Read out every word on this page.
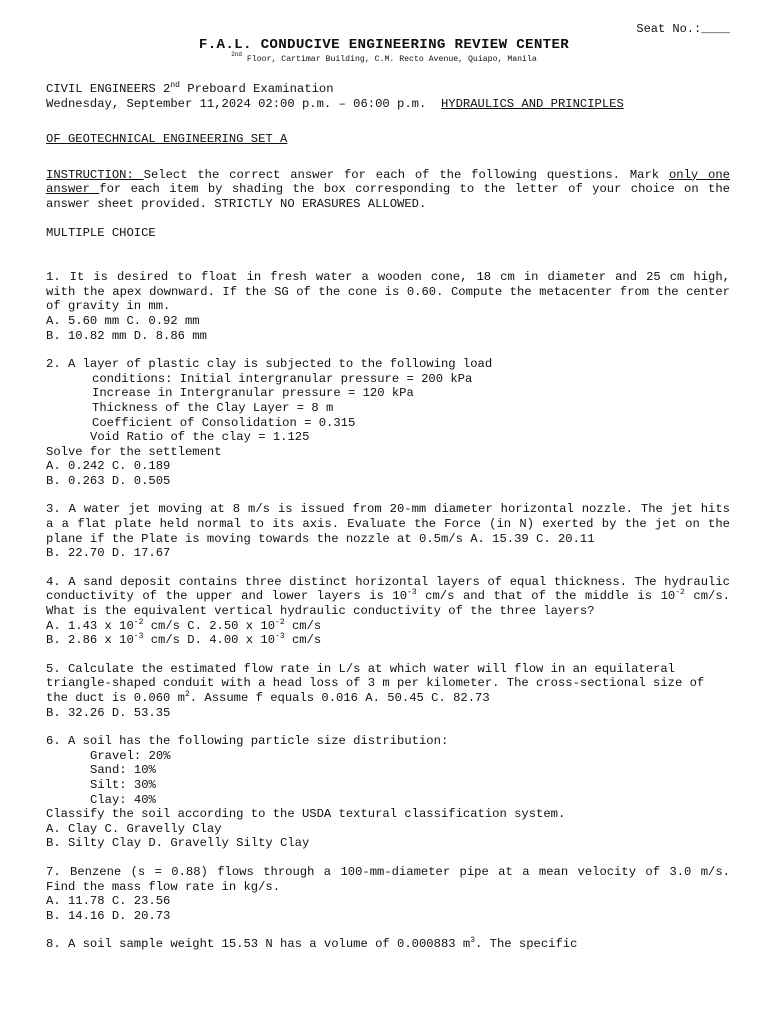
Seat No.:____
F.A.L. CONDUCIVE ENGINEERING REVIEW CENTER
$^{2nd}$ Floor, Cartimar Building, C.M. Recto Avenue, Quiapo, Manila

CIVIL ENGINEERS 2nd Preboard Examination

Wednesday, September 11,2024 02:00 p.m. – 06:00 p.m.  HYDRAULICS AND PRINCIPLES

OF GEOTECHNICAL ENGINEERING SET A

INSTRUCTION: Select the correct answer for each of the following questions. Mark only one answer for each item by shading the box corresponding to the letter of your choice on the answer sheet provided. STRICTLY NO ERASURES ALLOWED.

MULTIPLE CHOICE

1. It is desired to float in fresh water a wooden cone, 18 cm in diameter and 25 cm high, with the apex downward. If the SG of the cone is 0.60. Compute the metacenter from the center of gravity in mm.

A. 5.60 mm C. 0.92 mm

B. 10.82 mm D. 8.86 mm

2. A layer of plastic clay is subjected to the following load

conditions: Initial intergranular pressure = 200 kPa

Increase in Intergranular pressure = 120 kPa

Thickness of the Clay Layer = 8 m

Coefficient of Consolidation = 0.315

Void Ratio of the clay = 1.125

Solve for the settlement

A. 0.242 C. 0.189

B. 0.263 D. 0.505

3. A water jet moving at 8 m/s is issued from 20-mm diameter horizontal nozzle. The jet hits a a flat plate held normal to its axis. Evaluate the Force (in N) exerted by the jet on the plane if the Plate is moving towards the nozzle at 0.5m/s A. 15.39 C. 20.11

B. 22.70 D. 17.67

4. A sand deposit contains three distinct horizontal layers of equal thickness. The hydraulic conductivity of the upper and lower layers is $10^{-3}$ cm/s and that of the middle is $10^{-2}$ cm/s. What is the equivalent vertical hydraulic conductivity of the three layers?

A. 1.43 x $10^{-2}$ cm/s C. 2.50 x $10^{-2}$ cm/s

B. 2.86 x $10^{-3}$ cm/s D. 4.00 x $10^{-3}$ cm/s

5. Calculate the estimated flow rate in L/s at which water will flow in an equilateral triangle-shaped conduit with a head loss of 3 m per kilometer. The cross-sectional size of the duct is 0.060 $m^2$. Assume f equals 0.016 A. 50.45 C. 82.73

B. 32.26 D. 53.35

6. A soil has the following particle size distribution:

Gravel: 20%

Sand: 10%

Silt: 30%

Clay: 40%

Classify the soil according to the USDA textural classification system. A. Clay C. Gravelly Clay

B. Silty Clay D. Gravelly Silty Clay

7. Benzene (s = 0.88) flows through a 100-mm-diameter pipe at a mean velocity of 3.0 m/s. Find the mass flow rate in kg/s.

A. 11.78 C. 23.56

B. 14.16 D. 20.73

8. A soil sample weight 15.53 N has a volume of 0.000883 $m^3$. The specific
